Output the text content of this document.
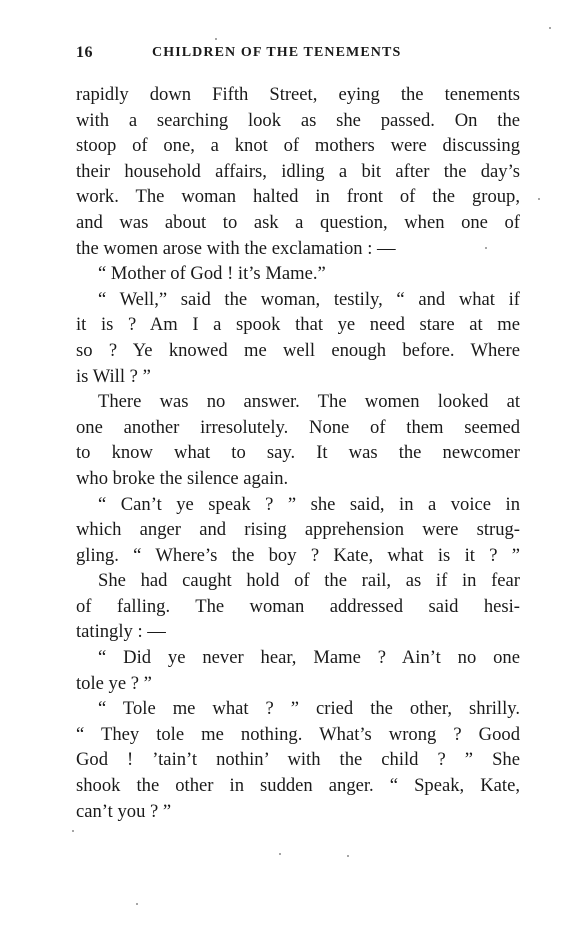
16	CHILDREN OF THE TENEMENTS
rapidly down Fifth Street, eying the tenements
with a searching look as she passed. On the
stoop of one, a knot of mothers were discussing
their household affairs, idling a bit after the day’s
work. The woman halted in front of the group,
and was about to ask a question, when one of
the women arose with the exclamation : —
“ Mother of God ! it’s Mame.”
“ Well,” said the woman, testily, “ and what if
it is ? Am I a spook that ye need stare at me
so ? Ye knowed me well enough before. Where
is Will ? ”
There was no answer. The women looked at
one another irresolutely. None of them seemed
to know what to say. It was the newcomer
who broke the silence again.
“ Can’t ye speak ? ” she said, in a voice in
which anger and rising apprehension were strug-
gling. “ Where’s the boy ? Kate, what is it ? ”
She had caught hold of the rail, as if in fear
of falling. The woman addressed said hesi-
tatingly : —
“ Did ye never hear, Mame ? Ain’t no one
tole ye ? ”
“ Tole me what ? ” cried the other, shrilly.
“ They tole me nothing. What’s wrong ? Good
God ! ’tain’t nothin’ with the child ? ” She
shook the other in sudden anger. “ Speak, Kate,
can’t you ? ”
